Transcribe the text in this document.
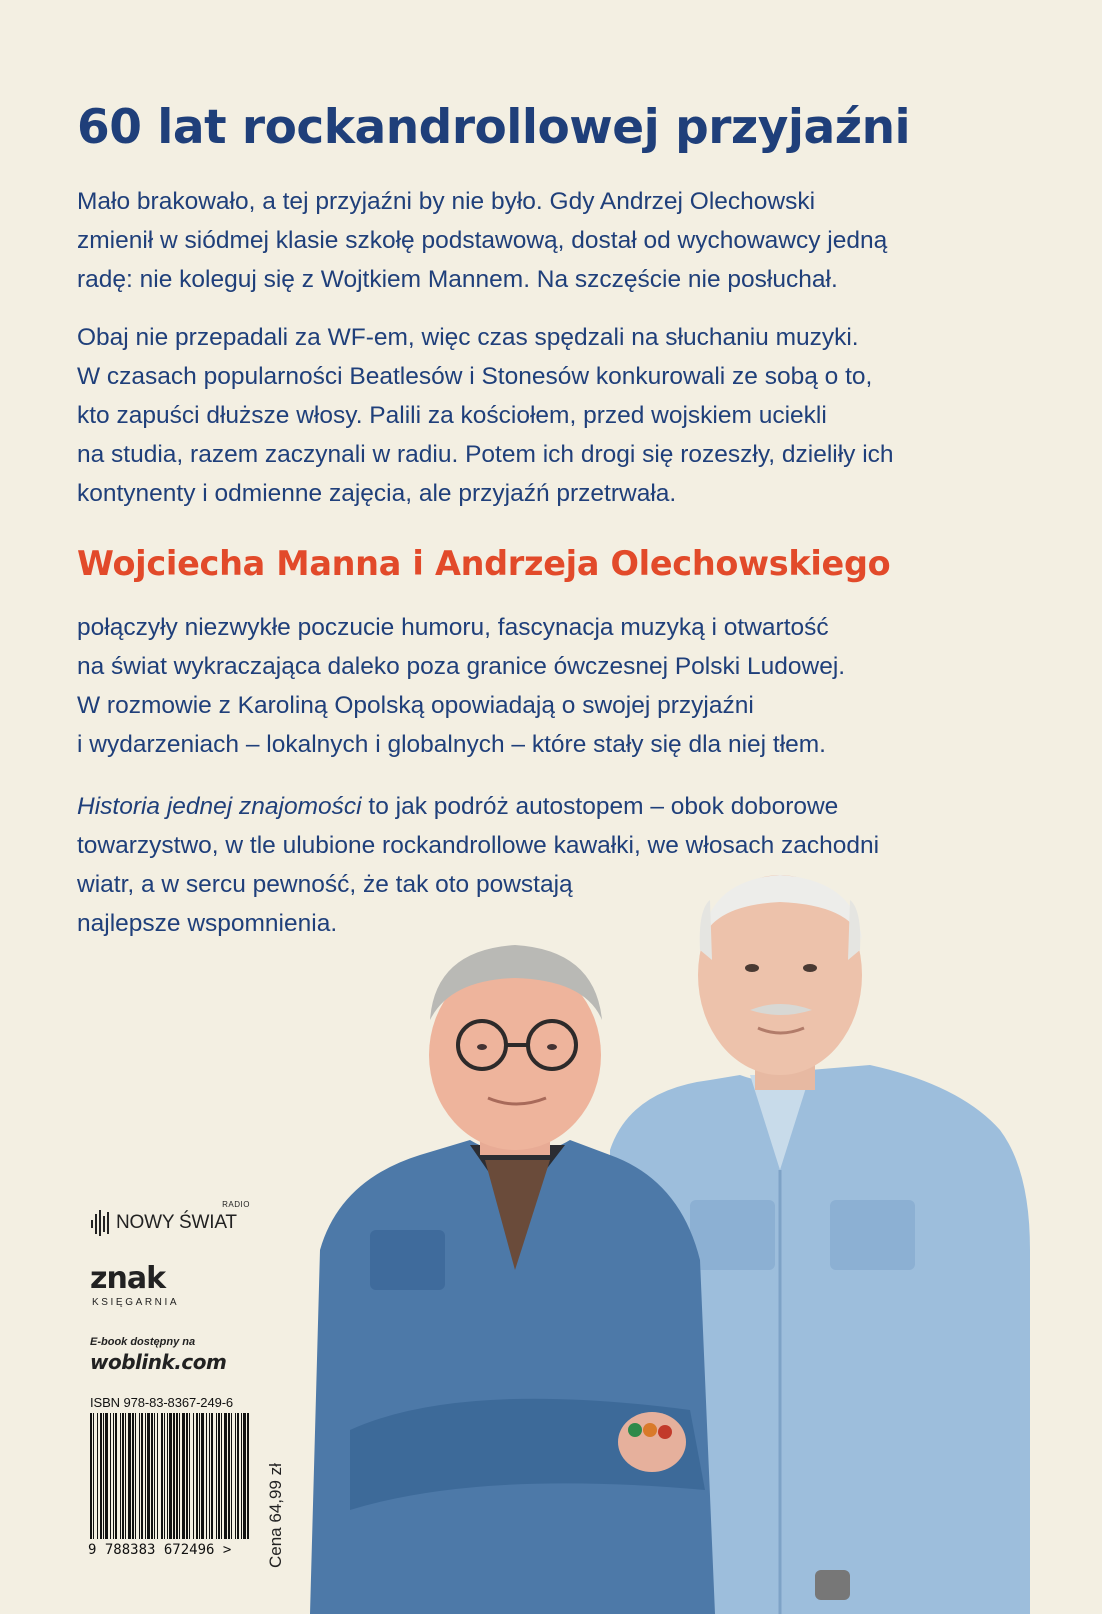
60 lat rockandrollowej przyjaźni
Mało brakowało, a tej przyjaźni by nie było. Gdy Andrzej Olechowski
zmienił w siódmej klasie szkołę podstawową, dostał od wychowawcy jedną
radę: nie koleguj się z Wojtkiem Mannem. Na szczęście nie posłuchał.
Obaj nie przepadali za WF-em, więc czas spędzali na słuchaniu muzyki.
W czasach popularności Beatlesów i Stonesów konkurowali ze sobą o to,
kto zapuści dłuższe włosy. Palili za kościołem, przed wojskiem uciekli
na studia, razem zaczynali w radiu. Potem ich drogi się rozeszły, dzieliły ich
kontynenty i odmienne zajęcia, ale przyjaźń przetrwała.
Wojciecha Manna i Andrzeja Olechowskiego
połączyły niezwykłe poczucie humoru, fascynacja muzyką i otwartość
na świat wykraczająca daleko poza granice ówczesnej Polski Ludowej.
W rozmowie z Karoliną Opolską opowiadają o swojej przyjaźni
i wydarzeniach – lokalnych i globalnych – które stały się dla niej tłem.
Historia jednej znajomości to jak podróż autostopem – obok doborowe
towarzystwo, w tle ulubione rockandrollowe kawałki, we włosach zachodni
wiatr, a w sercu pewność, że tak oto powstają
najlepsze wspomnienia.
RADIO
NOWY ŚWIAT
znak
KSIĘGARNIA
E-book dostępny na
woblink.com
ISBN 978-83-8367-249-6
9 788383 672496 >	Cena 64,99 zł
